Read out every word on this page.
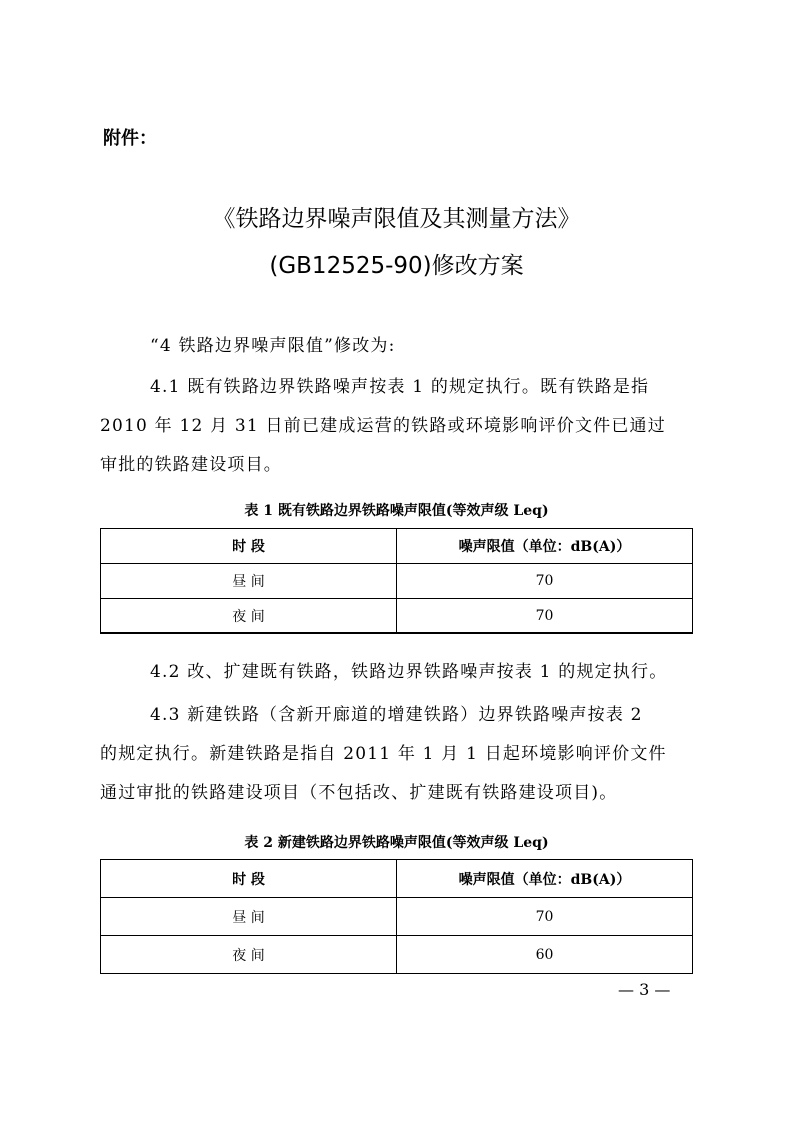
附件：
《铁路边界噪声限值及其测量方法》
(GB12525-90)修改方案
“4 铁路边界噪声限值”修改为:
4.1 既有铁路边界铁路噪声按表 1 的规定执行。既有铁路是指
2010 年 12 月 31 日前已建成运营的铁路或环境影响评价文件已通过
审批的铁路建设项目。
表 1 既有铁路边界铁路噪声限值(等效声级 Leq)
时 段	噪声限值（单位：dB(A)）
昼 间	70
夜 间	70
4.2 改、扩建既有铁路，铁路边界铁路噪声按表 1 的规定执行。
4.3 新建铁路（含新开廊道的增建铁路）边界铁路噪声按表 2
的规定执行。新建铁路是指自 2011 年 1 月 1 日起环境影响评价文件
通过审批的铁路建设项目（不包括改、扩建既有铁路建设项目)。
表 2 新建铁路边界铁路噪声限值(等效声级 Leq)
时 段	噪声限值（单位：dB(A)）
昼 间	70
夜 间	60
— 3 —
